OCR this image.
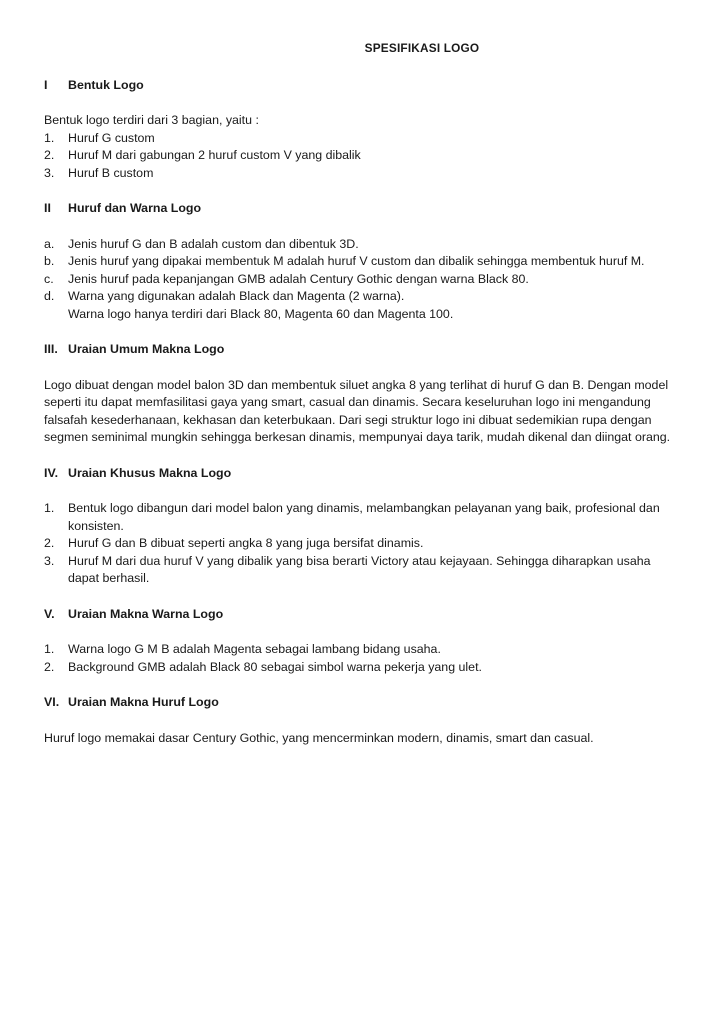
SPESIFIKASI LOGO
I	Bentuk Logo

Bentuk logo terdiri dari 3 bagian, yaitu :

1.	Huruf G custom
2.	Huruf M dari gabungan 2 huruf custom V yang dibalik
3.	Huruf B custom
II	Huruf dan Warna Logo
a.	Jenis huruf G dan B adalah custom dan dibentuk 3D.
b.	Jenis huruf yang dipakai membentuk M adalah huruf V custom dan dibalik sehingga membentuk huruf M.
c.	Jenis huruf pada kepanjangan GMB adalah Century Gothic dengan warna Black 80.
d.	Warna yang digunakan adalah Black dan Magenta (2 warna).
Warna logo hanya terdiri dari Black 80, Magenta 60 dan Magenta 100.
III. Uraian Umum Makna Logo

Logo dibuat dengan model balon 3D dan membentuk siluet angka 8 yang terlihat di huruf G dan B. Dengan model seperti itu dapat memfasilitasi gaya yang smart, casual dan dinamis. Secara keseluruhan logo ini mengandung falsafah kesederhanaan, kekhasan dan keterbukaan. Dari segi struktur logo ini dibuat sedemikian rupa dengan segmen seminimal mungkin sehingga berkesan dinamis, mempunyai daya tarik, mudah dikenal dan diingat orang.

IV. Uraian Khusus Makna Logo
1.	Bentuk logo dibangun dari model balon yang dinamis, melambangkan pelayanan yang baik, profesional dan konsisten.
2.	Huruf G dan B dibuat seperti angka 8 yang juga bersifat dinamis.
3.	Huruf M dari dua huruf V yang dibalik yang bisa berarti Victory atau kejayaan. Sehingga diharapkan usaha dapat berhasil.
V.	Uraian Makna Warna Logo
1.	Warna logo G M B adalah Magenta sebagai lambang bidang usaha.
2.	Background GMB adalah Black 80 sebagai simbol warna pekerja yang ulet.
VI. Uraian Makna Huruf Logo

Huruf logo memakai dasar Century Gothic, yang mencerminkan modern, dinamis, smart dan casual.
